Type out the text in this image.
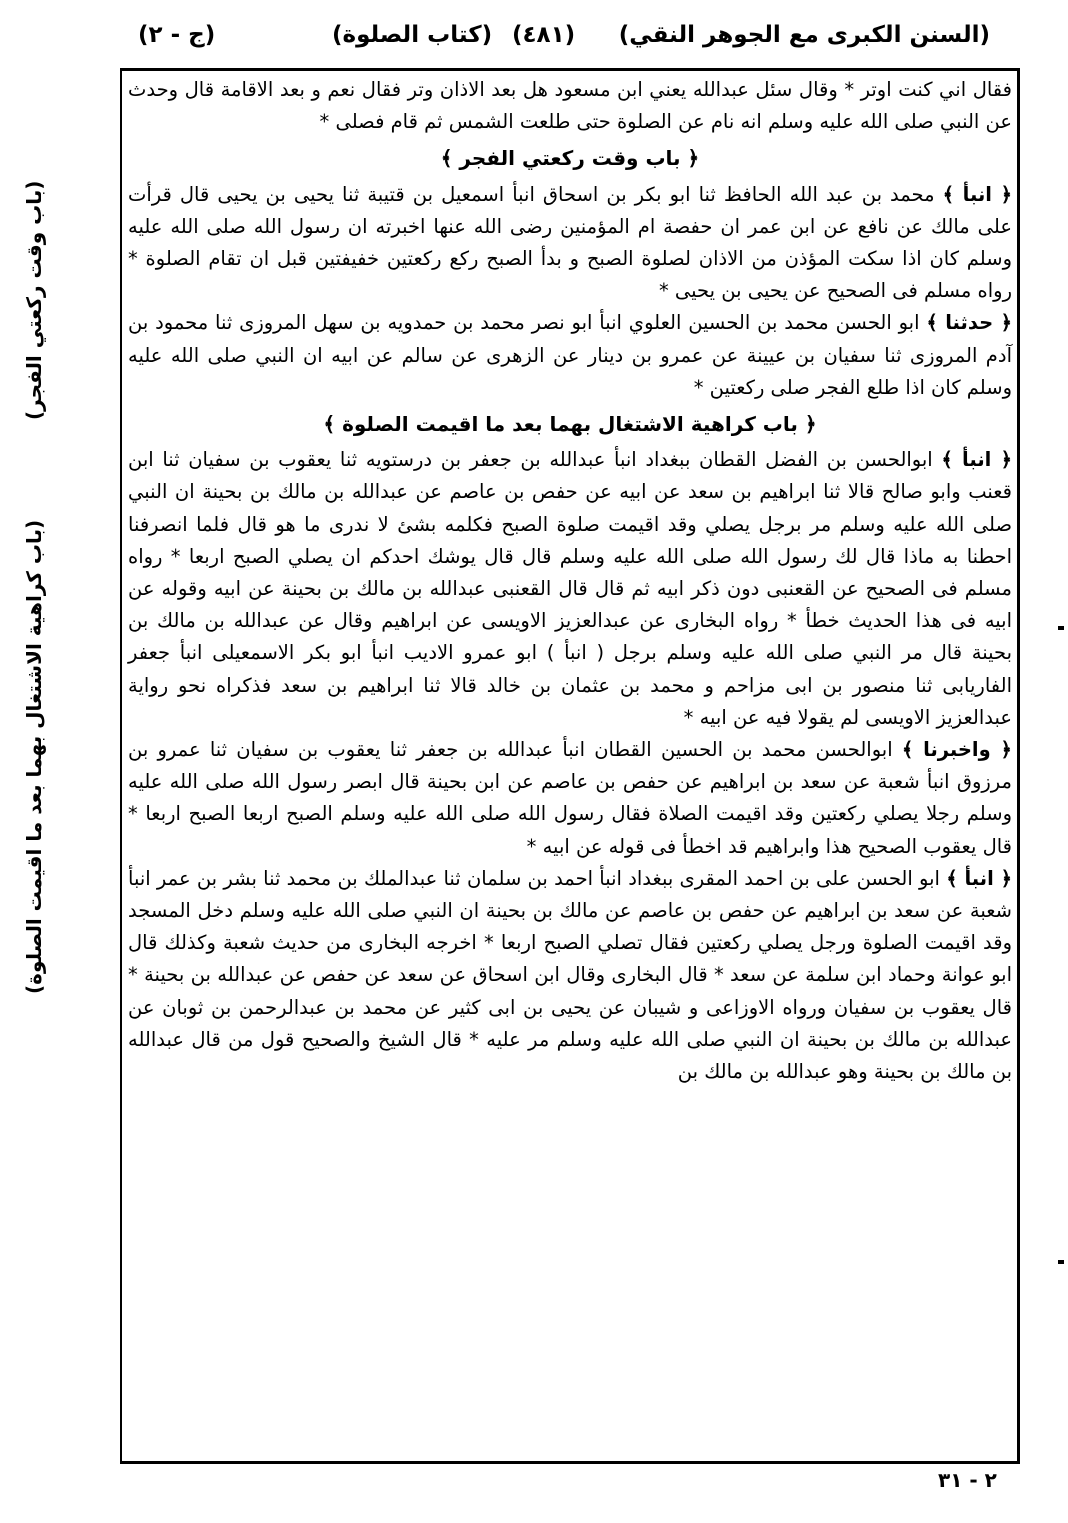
(السنن الكبرى مع الجوهر النقي)
(٤٨١)
(كتاب الصلوة)
(ج - ٢)
(باب وقت ركعتي الفجر)
(باب كراهية الاشتغال بهما بعد ما اقيمت الصلوة)

فقال اني كنت اوتر * وقال سئل عبدالله يعني ابن مسعود هل بعد الاذان وتر فقال نعم و بعد الاقامة قال وحدث عن النبي صلى الله عليه وسلم انه نام عن الصلوة حتى طلعت الشمس ثم قام فصلى *

﴿ باب وقت ركعتي الفجر ﴾

﴿ انبأ ﴾ محمد بن عبد الله الحافظ ثنا ابو بكر بن اسحاق انبأ اسمعيل بن قتيبة ثنا يحيى بن يحيى قال قرأت على مالك عن نافع عن ابن عمر ان حفصة ام المؤمنين رضى الله عنها اخبرته ان رسول الله صلى الله عليه وسلم كان اذا سكت المؤذن من الاذان لصلوة الصبح و بدأ الصبح ركع ركعتين خفيفتين قبل ان تقام الصلوة * رواه مسلم فى الصحيح عن يحيى بن يحيى *

﴿ حدثنا ﴾ ابو الحسن محمد بن الحسين العلوي انبأ ابو نصر محمد بن حمدويه بن سهل المروزى ثنا محمود بن آدم المروزى ثنا سفيان بن عيينة عن عمرو بن دينار عن الزهرى عن سالم عن ابيه ان النبي صلى الله عليه وسلم كان اذا طلع الفجر صلى ركعتين *

﴿ باب كراهية الاشتغال بهما بعد ما اقيمت الصلوة ﴾

﴿ انبأ ﴾ ابوالحسن بن الفضل القطان ببغداد انبأ عبدالله بن جعفر بن درستويه ثنا يعقوب بن سفيان ثنا ابن قعنب وابو صالح قالا ثنا ابراهيم بن سعد عن ابيه عن حفص بن عاصم عن عبدالله بن مالك بن بحينة ان النبي صلى الله عليه وسلم مر برجل يصلي وقد اقيمت صلوة الصبح فكلمه بشئ لا ندرى ما هو قال فلما انصرفنا احطنا به ماذا قال لك رسول الله صلى الله عليه وسلم قال قال يوشك احدكم ان يصلي الصبح اربعا * رواه مسلم فى الصحيح عن القعنبى دون ذكر ابيه ثم قال قال القعنبى عبدالله بن مالك بن بحينة عن ابيه وقوله عن ابيه فى هذا الحديث خطأ * رواه البخارى عن عبدالعزيز الاويسى عن ابراهيم وقال عن عبدالله بن مالك بن بحينة قال مر النبي صلى الله عليه وسلم برجل ( انبأ ) ابو عمرو الاديب انبأ ابو بكر الاسمعيلى انبأ جعفر الفاريابى ثنا منصور بن ابى مزاحم و محمد بن عثمان بن خالد قالا ثنا ابراهيم بن سعد فذكراه نحو رواية عبدالعزيز الاويسى لم يقولا فيه عن ابيه *

﴿ واخبرنا ﴾ ابوالحسن محمد بن الحسين القطان انبأ عبدالله بن جعفر ثنا يعقوب بن سفيان ثنا عمرو بن مرزوق انبأ شعبة عن سعد بن ابراهيم عن حفص بن عاصم عن ابن بحينة قال ابصر رسول الله صلى الله عليه وسلم رجلا يصلي ركعتين وقد اقيمت الصلاة فقال رسول الله صلى الله عليه وسلم الصبح اربعا الصبح اربعا * قال يعقوب الصحيح هذا وابراهيم قد اخطأ فى قوله عن ابيه *

﴿ انبأ ﴾ ابو الحسن على بن احمد المقرى ببغداد انبأ احمد بن سلمان ثنا عبدالملك بن محمد ثنا بشر بن عمر انبأ شعبة عن سعد بن ابراهيم عن حفص بن عاصم عن مالك بن بحينة ان النبي صلى الله عليه وسلم دخل المسجد وقد اقيمت الصلوة ورجل يصلي ركعتين فقال تصلي الصبح اربعا * اخرجه البخارى من حديث شعبة وكذلك قال ابو عوانة وحماد ابن سلمة عن سعد * قال البخارى وقال ابن اسحاق عن سعد عن حفص عن عبدالله بن بحينة * قال يعقوب بن سفيان ورواه الاوزاعى و شيبان عن يحيى بن ابى كثير عن محمد بن عبدالرحمن بن ثوبان عن عبدالله بن مالك بن بحينة ان النبي صلى الله عليه وسلم مر عليه * قال الشيخ والصحيح قول من قال عبدالله بن مالك بن بحينة وهو عبدالله بن مالك بن

٢ - ٣١
